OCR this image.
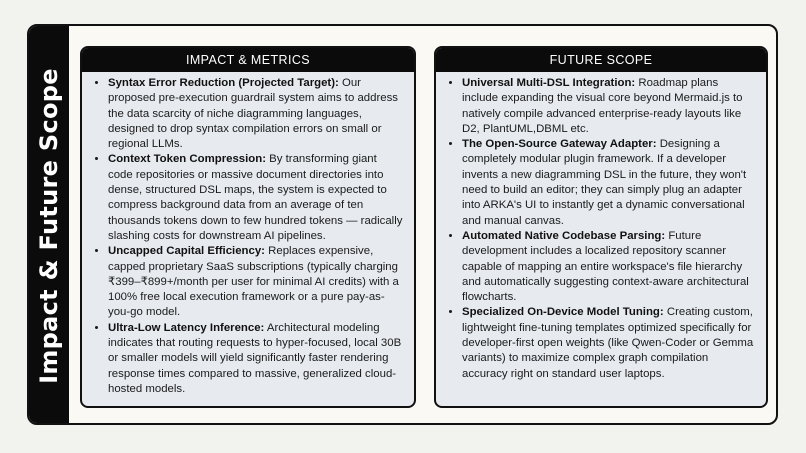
Impact & Future Scope
IMPACT & METRICS
• Syntax Error Reduction (Projected Target): Our proposed pre-execution guardrail system aims to address the data scarcity of niche diagramming languages, designed to drop syntax compilation errors on small or regional LLMs.
• Context Token Compression: By transforming giant code repositories or massive document directories into dense, structured DSL maps, the system is expected to compress background data from an average of ten thousands tokens down to few hundred tokens — radically slashing costs for downstream AI pipelines.
• Uncapped Capital Efficiency: Replaces expensive, capped proprietary SaaS subscriptions (typically charging ₹399–₹899+/month per user for minimal AI credits) with a 100% free local execution framework or a pure pay-as-you-go model.
• Ultra-Low Latency Inference: Architectural modeling indicates that routing requests to hyper-focused, local 30B or smaller models will yield significantly faster rendering response times compared to massive, generalized cloud-hosted models.
FUTURE SCOPE
• Universal Multi-DSL Integration: Roadmap plans include expanding the visual core beyond Mermaid.js to natively compile advanced enterprise-ready layouts like D2, PlantUML,DBML etc.
• The Open-Source Gateway Adapter: Designing a completely modular plugin framework. If a developer invents a new diagramming DSL in the future, they won't need to build an editor; they can simply plug an adapter into ARKA's UI to instantly get a dynamic conversational and manual canvas.
• Automated Native Codebase Parsing: Future development includes a localized repository scanner capable of mapping an entire workspace's file hierarchy and automatically suggesting context-aware architectural flowcharts.
• Specialized On-Device Model Tuning: Creating custom, lightweight fine-tuning templates optimized specifically for developer-first open weights (like Qwen-Coder or Gemma variants) to maximize complex graph compilation accuracy right on standard user laptops.
